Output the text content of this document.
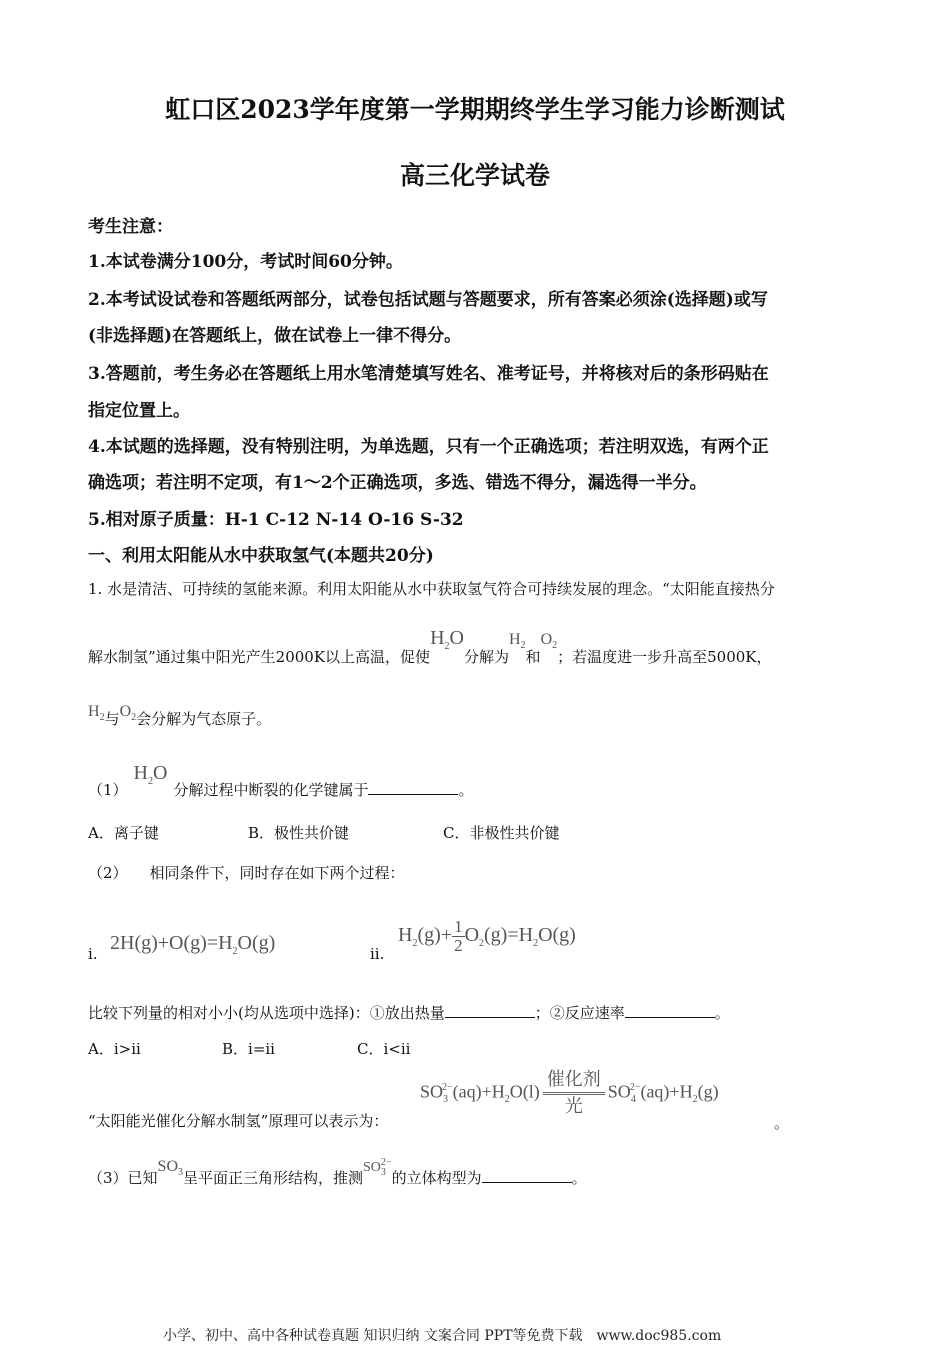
虹口区2023学年度第一学期期终学生学习能力诊断测试
高三化学试卷
考生注意：
1.本试卷满分100分，考试时间60分钟。
2.本考试设试卷和答题纸两部分，试卷包括试题与答题要求，所有答案必须涂(选择题)或写
(非选择题)在答题纸上，做在试卷上一律不得分。
3.答题前，考生务必在答题纸上用水笔清楚填写姓名、准考证号，并将核对后的条形码贴在
指定位置上。
4.本试题的选择题，没有特别注明，为单选题，只有一个正确选项；若注明双选，有两个正
确选项；若注明不定项，有1～2个正确选项，多选、错选不得分，漏选得一半分。
5.相对原子质量：H-1 C-12 N-14 O-16 S-32
一、利用太阳能从水中获取氢气(本题共20分)
1. 水是清洁、可持续的氢能来源。利用太阳能从水中获取氢气符合可持续发展的理念。“太阳能直接热分
解水制氢”通过集中阳光产生2000K以上高温，促使$H_2O$分解为$H_2$和$O_2$；若温度进一步升高至5000K，
$H_2$与$O_2$会分解为气态原子。
$(1)H_2O$分解过程中断裂的化学键属于	。
A．离子键	B．极性共价键	C．非极性共价键
（2） 相同条件下，同时存在如下两个过程：
i. $2H(g)+O(g)=H_2O(g)$	ii.
$H_2(g)+ \frac{1}{2} O_2(g)=H_2O(g)$
比较下列量的相对小小(均从选项中选择)：①放出热量	；②反应速率	。
A．i>ii	B．i=ii	C．i<ii
“太阳能光催化分解水制氢”原理可以表示为：
$SO_3^{2-}(aq)+H_2O(l)$
催化剂
光
$SO_4^{2-}(aq)+H_2(g)$
。
（3）已知$SO_3$呈平面正三角形结构，推测$SO_3^{2-}$的立体构型为	。
小学、初中、高中各种试卷真题 知识归纳 文案合同 PPT等免费下载　www.doc985.com
